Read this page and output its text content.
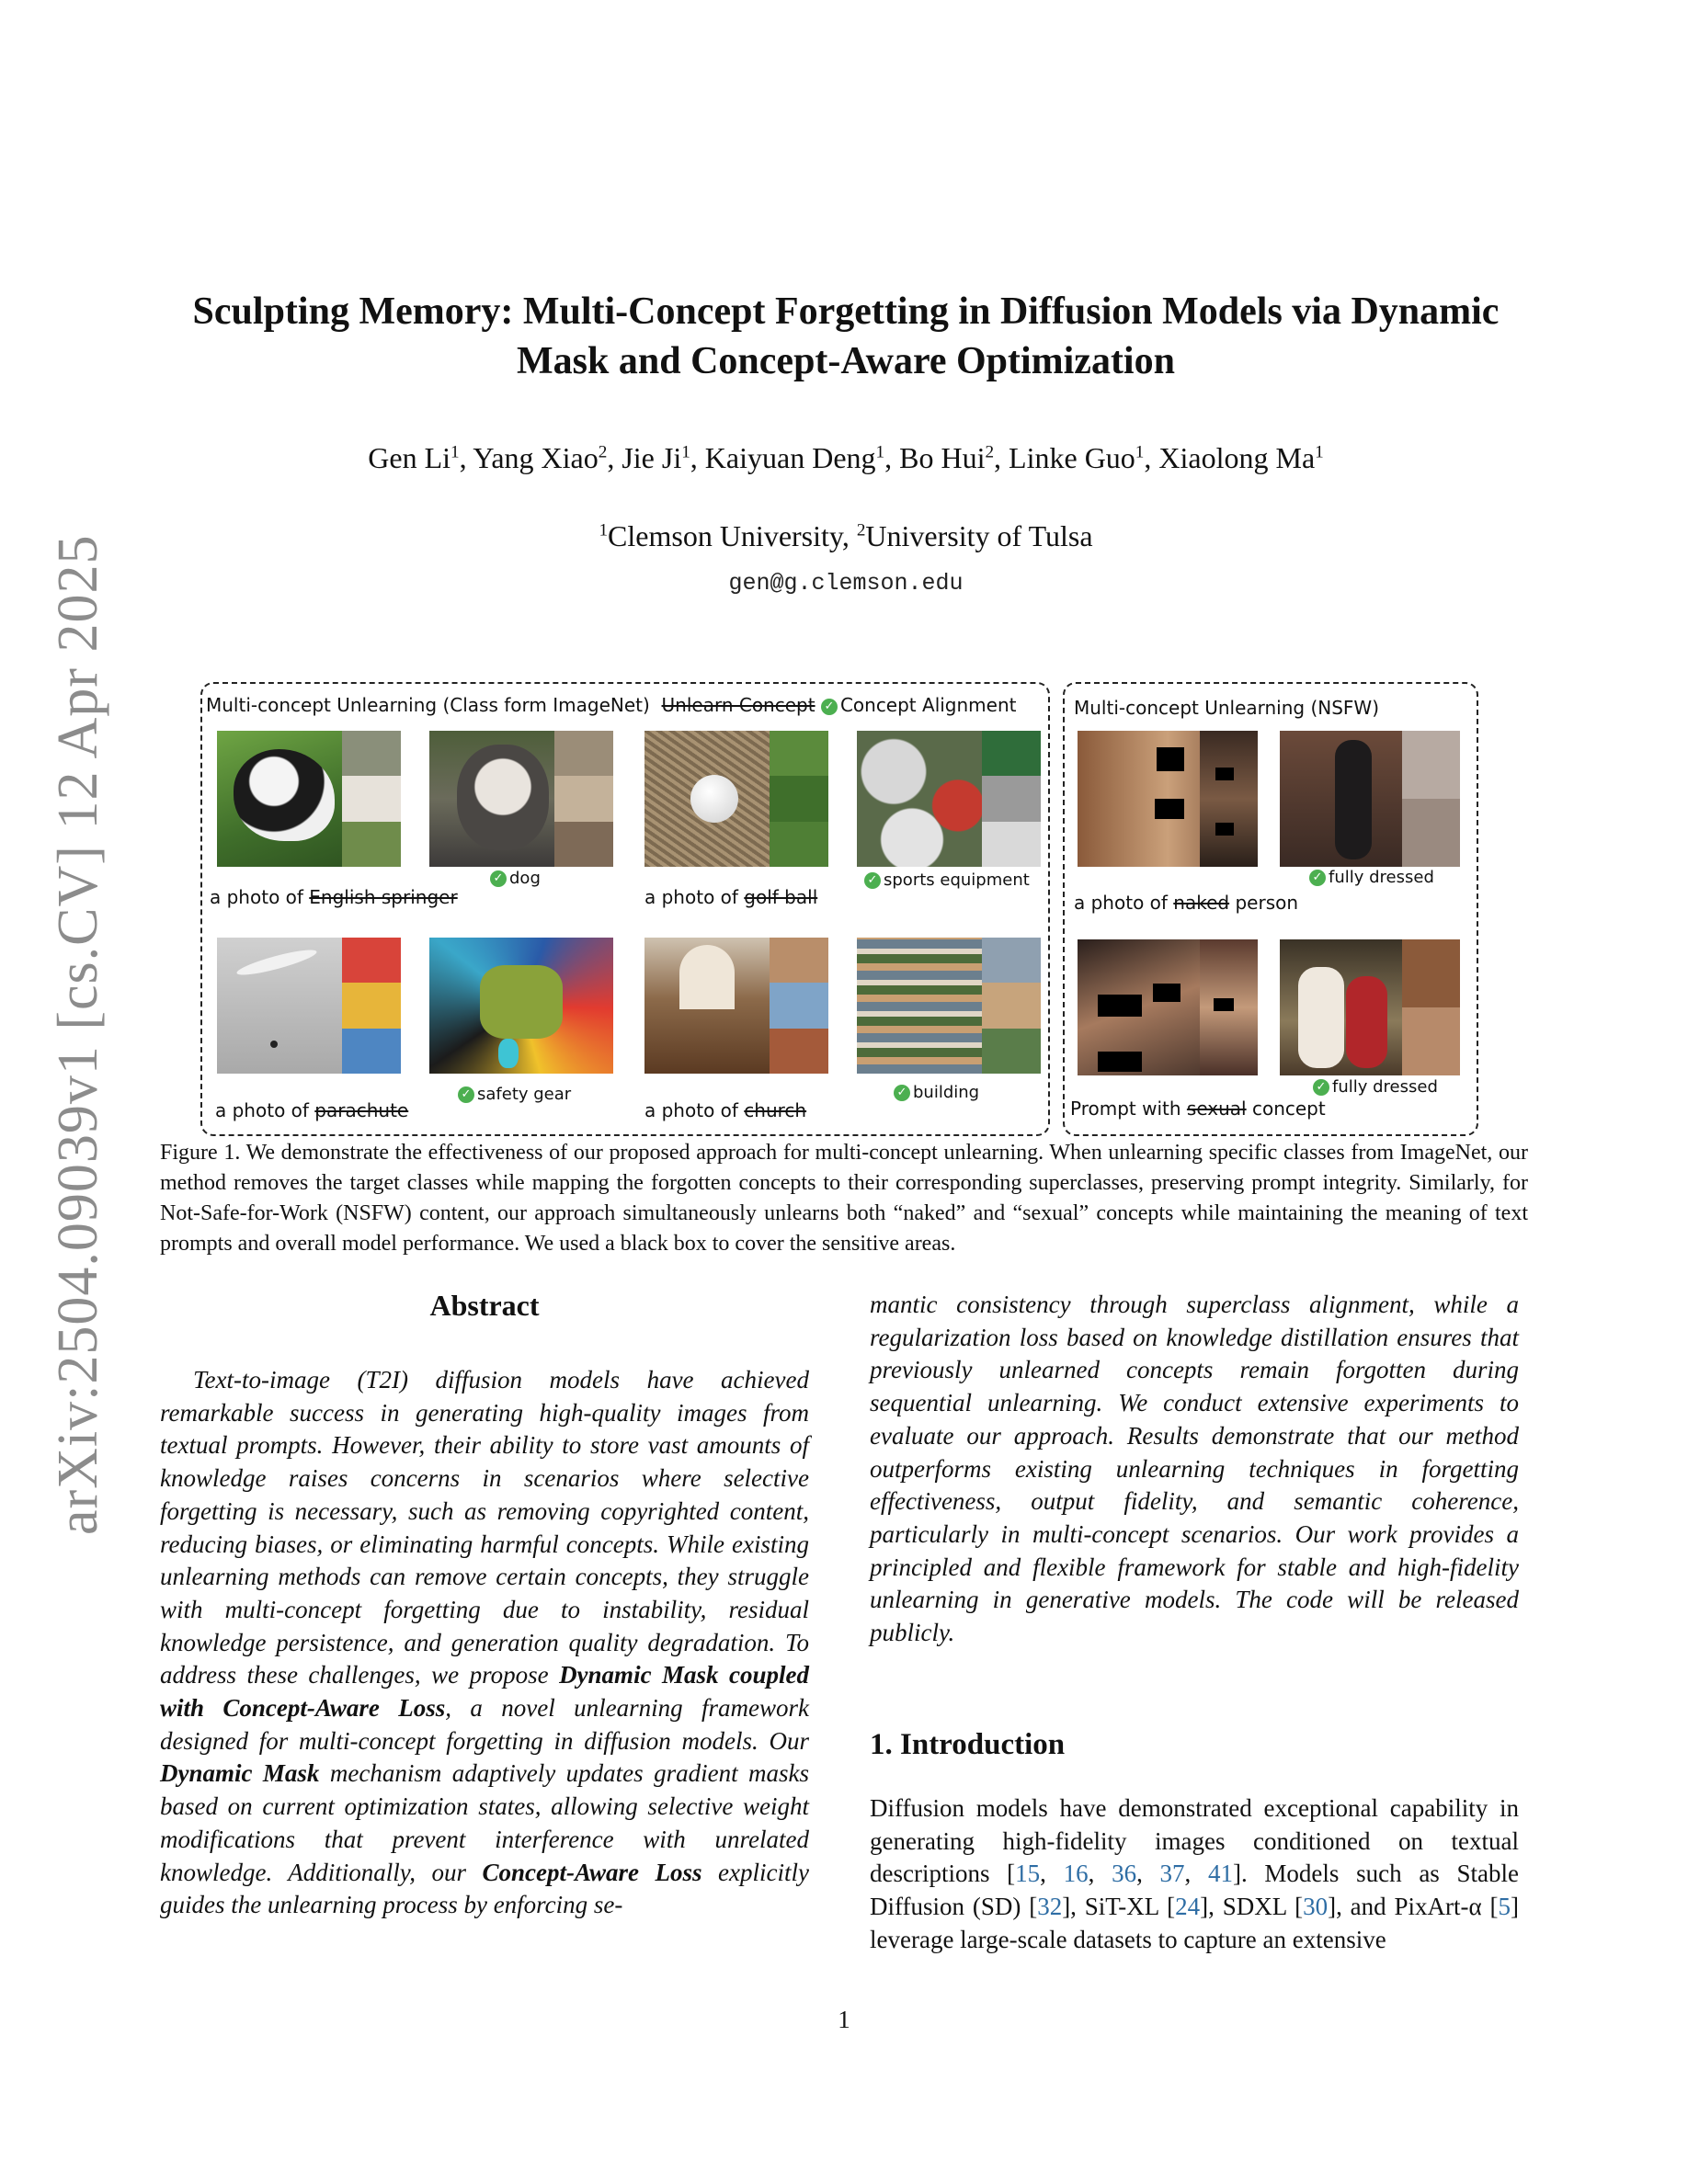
arXiv:2504.09039v1 [cs.CV] 12 Apr 2025
Sculpting Memory: Multi-Concept Forgetting in Diffusion Models via Dynamic
Mask and Concept-Aware Optimization
Gen Li$^1$, Yang Xiao$^2$, Jie Ji$^1$, Kaiyuan Deng$^1$, Bo Hui$^2$, Linke Guo$^1$, Xiaolong Ma$^1$
$^1$Clemson University, $^2$University of Tulsa
gen@g.clemson.edu
Multi-concept Unlearning (Class form ImageNet) Unlearn Concept ✓ Concept Alignment	Multi-concept Unlearning (NSFW)
✓ dog
a photo of English springer
✓ sports equipment
a photo of golf ball
✓ safety gear
a photo of parachute
✓ building
a photo of church
✓ fully dressed
a photo of naked person
✓ fully dressed
Prompt with sexual concept
Figure 1. We demonstrate the effectiveness of our proposed approach for multi-concept unlearning. When unlearning specific classes from ImageNet, our method removes the target classes while mapping the forgotten concepts to their corresponding superclasses, preserving prompt integrity. Similarly, for Not-Safe-for-Work (NSFW) content, our approach simultaneously unlearns both “naked” and “sexual” concepts while maintaining the meaning of text prompts and overall model performance. We used a black box to cover the sensitive areas.
Abstract
Text-to-image (T2I) diffusion models have achieved remarkable success in generating high-quality images from textual prompts. However, their ability to store vast amounts of knowledge raises concerns in scenarios where selective forgetting is necessary, such as removing copyrighted content, reducing biases, or eliminating harmful concepts. While existing unlearning methods can remove certain concepts, they struggle with multi-concept forgetting due to instability, residual knowledge persistence, and generation quality degradation. To address these challenges, we propose Dynamic Mask coupled with Concept-Aware Loss, a novel unlearning framework designed for multi-concept forgetting in diffusion models. Our Dynamic Mask mechanism adaptively updates gradient masks based on current optimization states, allowing selective weight modifications that prevent interference with unrelated knowledge. Additionally, our Concept-Aware Loss explicitly guides the unlearning process by enforcing se-
mantic consistency through superclass alignment, while a regularization loss based on knowledge distillation ensures that previously unlearned concepts remain forgotten during sequential unlearning. We conduct extensive experiments to evaluate our approach. Results demonstrate that our method outperforms existing unlearning techniques in forgetting effectiveness, output fidelity, and semantic coherence, particularly in multi-concept scenarios. Our work provides a principled and flexible framework for stable and high-fidelity unlearning in generative models. The code will be released publicly.
1. Introduction
Diffusion models have demonstrated exceptional capability in generating high-fidelity images conditioned on textual descriptions [15, 16, 36, 37, 41]. Models such as Stable Diffusion (SD) [32], SiT-XL [24], SDXL [30], and PixArt-α [5] leverage large-scale datasets to capture an extensive
1
